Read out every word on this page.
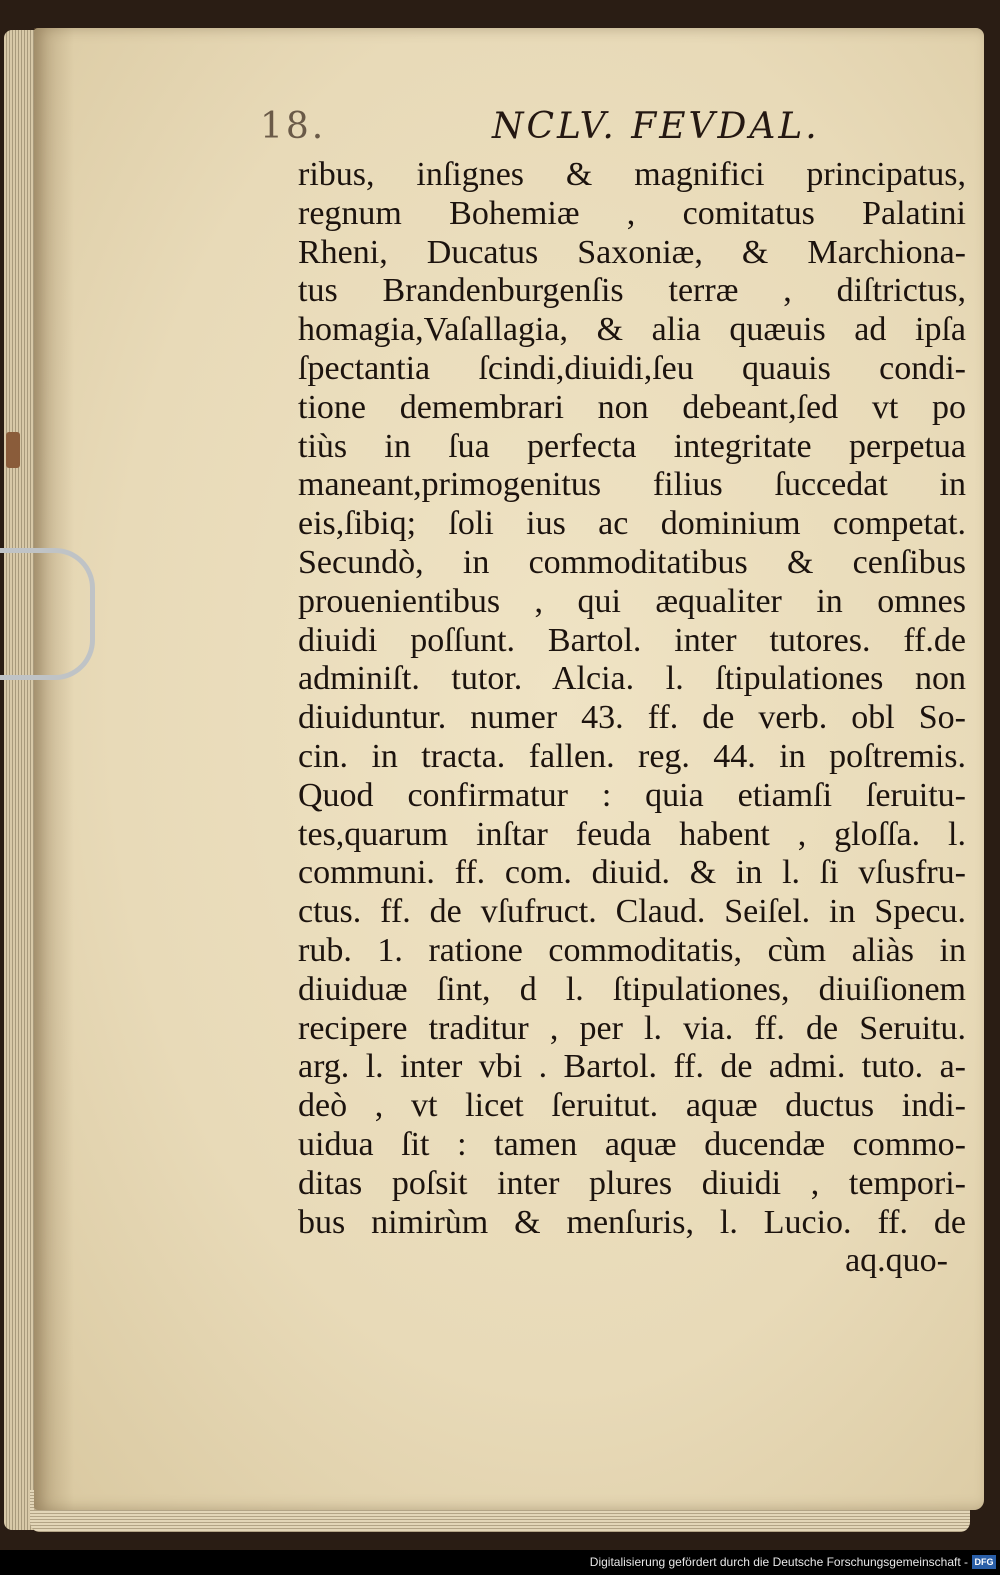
18.	NCLV. FEVDAL.
ribus, inſignes & magnifici principatus,
regnum Bohemiæ , comitatus Palatini
Rheni, Ducatus Saxoniæ, & Marchiona-
tus Brandenburgenſis terræ , diſtrictus,
homagia,Vaſallagia, & alia quæuis ad ipſa
ſpectantia ſcindi,diuidi,ſeu quauis condi-
tione demembrari non debeant,ſed vt po
tiùs in ſua perfecta integritate perpetua
maneant,primogenitus filius ſuccedat in
eis,ſibiq; ſoli ius ac dominium competat.
Secundò, in commoditatibus & cenſibus
prouenientibus , qui æqualiter in omnes
diuidi poſſunt. Bartol. inter tutores. ff.de
adminiſt. tutor. Alcia. l. ſtipulationes non
diuiduntur. numer 43. ff. de verb. obl So-
cin. in tracta. fallen. reg. 44. in poſtremis.
Quod confirmatur : quia etiamſi ſeruitu-
tes,quarum inſtar feuda habent , gloſſa. l.
communi. ff. com. diuid. & in l. ſi vſusfru-
ctus. ff. de vſufruct. Claud. Seiſel. in Specu.
rub. 1. ratione commoditatis, cùm aliàs in
diuiduæ ſint, d l. ſtipulationes, diuiſionem
recipere traditur , per l. via. ff. de Seruitu.
arg. l. inter vbi . Bartol. ff. de admi. tuto. a-
deò , vt licet ſeruitut. aquæ ductus indi-
uidua ſit : tamen aquæ ducendæ commo-
ditas poſsit inter plures diuidi , tempori-
bus nimirùm & menſuris, l. Lucio. ff. de
aq.quo-
Digitalisierung gefördert durch die Deutsche Forschungsgemeinschaft - DFG
